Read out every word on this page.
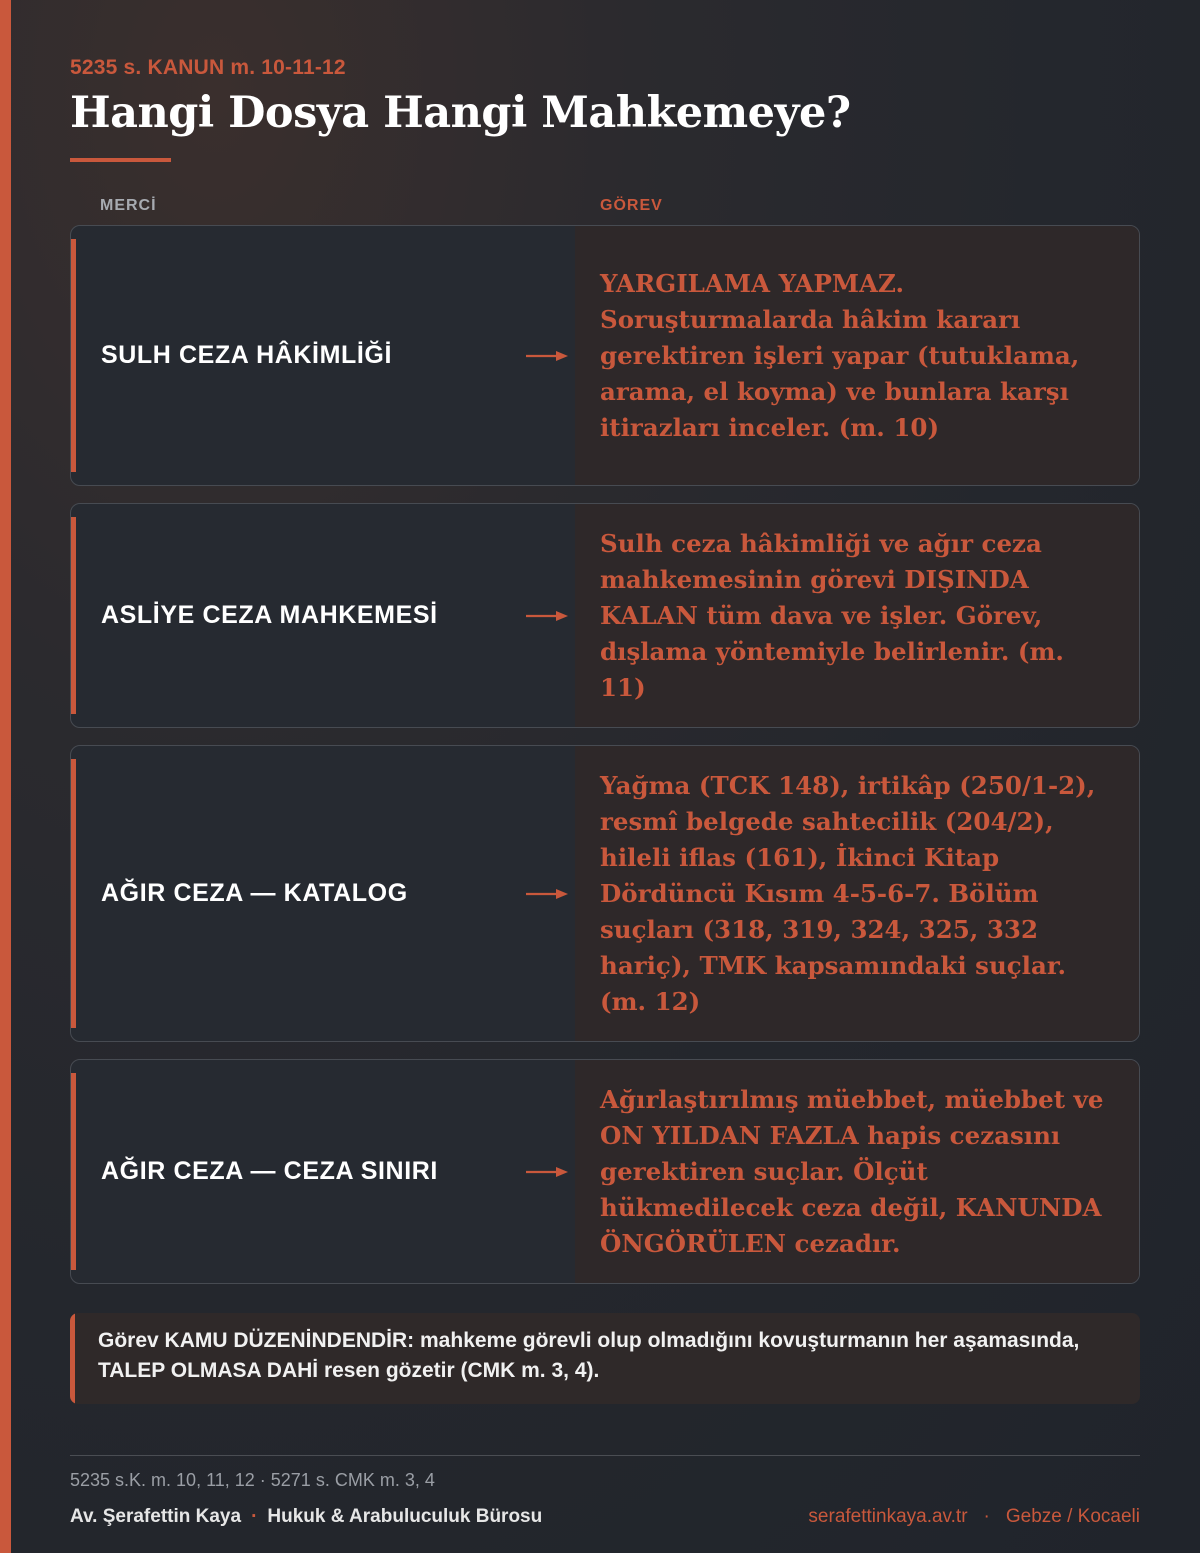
5235 s. KANUN m. 10-11-12
Hangi Dosya Hangi Mahkemeye?
MERCİ	GÖREV
SULH CEZA HÂKİMLİĞİ
YARGILAMA YAPMAZ. Soruşturmalarda hâkim kararı gerektiren işleri yapar (tutuklama, arama, el koyma) ve bunlara karşı itirazları inceler. (m. 10)
ASLİYE CEZA MAHKEMESİ
Sulh ceza hâkimliği ve ağır ceza mahkemesinin görevi DIŞINDA KALAN tüm dava ve işler. Görev, dışlama yöntemiyle belirlenir. (m. 11)
AĞIR CEZA — KATALOG
Yağma (TCK 148), irtikâp (250/1-2), resmî belgede sahtecilik (204/2), hileli iflas (161), İkinci Kitap Dördüncü Kısım 4-5-6-7. Bölüm suçları (318, 319, 324, 325, 332 hariç), TMK kapsamındaki suçlar. (m. 12)
AĞIR CEZA — CEZA SINIRI
Ağırlaştırılmış müebbet, müebbet ve ON YILDAN FAZLA hapis cezasını gerektiren suçlar. Ölçüt hükmedilecek ceza değil, KANUNDA ÖNGÖRÜLEN cezadır.
Görev KAMU DÜZENİNDENDİR: mahkeme görevli olup olmadığını kovuşturmanın her aşamasında, TALEP OLMASA DAHİ resen gözetir (CMK m. 3, 4).
5235 s.K. m. 10, 11, 12 · 5271 s. CMK m. 3, 4
Av. Şerafettin Kaya · Hukuk & Arabuluculuk Bürosu	serafettinkaya.av.tr · Gebze / Kocaeli
